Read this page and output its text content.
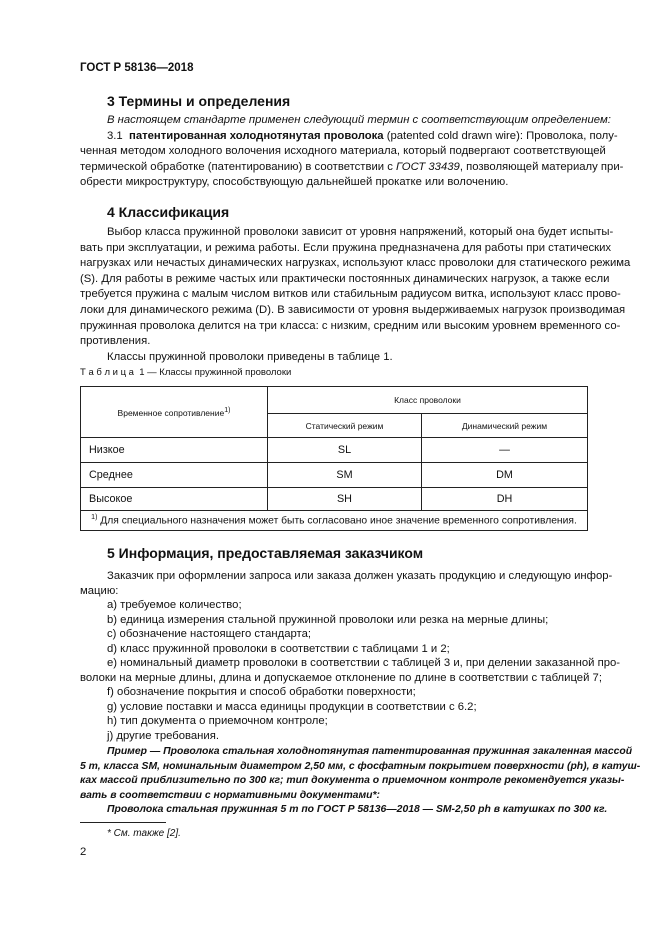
ГОСТ Р 58136—2018
3 Термины и определения
В настоящем стандарте применен следующий термин с соответствующим определением:
3.1 патентированная холоднотянутая проволока (patented cold drawn wire): Проволока, полу-
ченная методом холодного волочения исходного материала, который подвергают соответствующей
термической обработке (патентированию) в соответствии с ГОСТ 33439, позволяющей материалу при-
обрести микроструктуру, способствующую дальнейшей прокатке или волочению.
4 Классификация
Выбор класса пружинной проволоки зависит от уровня напряжений, который она будет испыты-
вать при эксплуатации, и режима работы. Если пружина предназначена для работы при статических
нагрузках или нечастых динамических нагрузках, используют класс проволоки для статического режима
(S). Для работы в режиме частых или практически постоянных динамических нагрузок, а также если
требуется пружина с малым числом витков или стабильным радиусом витка, используют класс прово-
локи для динамического режима (D). В зависимости от уровня выдерживаемых нагрузок производимая
пружинная проволока делится на три класса: с низким, средним или высоким уровнем временного со-
противления.
Классы пружинной проволоки приведены в таблице 1.
Т а б л и ц а 1 — Классы пружинной проволоки
Временное сопротивление$^{1)}$	Класс проволоки	
	Статический режим	Динамический режим
Низкое	SL	—
Среднее	SM	DM
Высокое	SH	DH
$^{1)}$ Для специального назначения может быть согласовано иное значение временного сопротивления.		
5 Информация, предоставляемая заказчиком
Заказчик при оформлении запроса или заказа должен указать продукцию и следующую инфор-
мацию:
а) требуемое количество;
b) единица измерения стальной пружинной проволоки или резка на мерные длины;
с) обозначение настоящего стандарта;
d) класс пружинной проволоки в соответствии с таблицами 1 и 2;
е) номинальный диаметр проволоки в соответствии с таблицей 3 и, при делении заказанной про-
волоки на мерные длины, длина и допускаемое отклонение по длине в соответствии с таблицей 7;
f) обозначение покрытия и способ обработки поверхности;
g) условие поставки и масса единицы продукции в соответствии с 6.2;
h) тип документа о приемочном контроле;
j) другие требования.
Пример — Проволока стальная холоднотянутая патентированная пружинная закаленная массой
5 т, класса SM, номинальным диаметром 2,50 мм, с фосфатным покрытием поверхности (ph), в катуш-
ках массой приблизительно по 300 кг; тип документа о приемочном контроле рекомендуется указы-
вать в соответствии с нормативными документами*:
Проволока стальная пружинная 5 т по ГОСТ Р 58136—2018 — SM-2,50 ph в катушках по 300 кг.
* См. также [2].
2
